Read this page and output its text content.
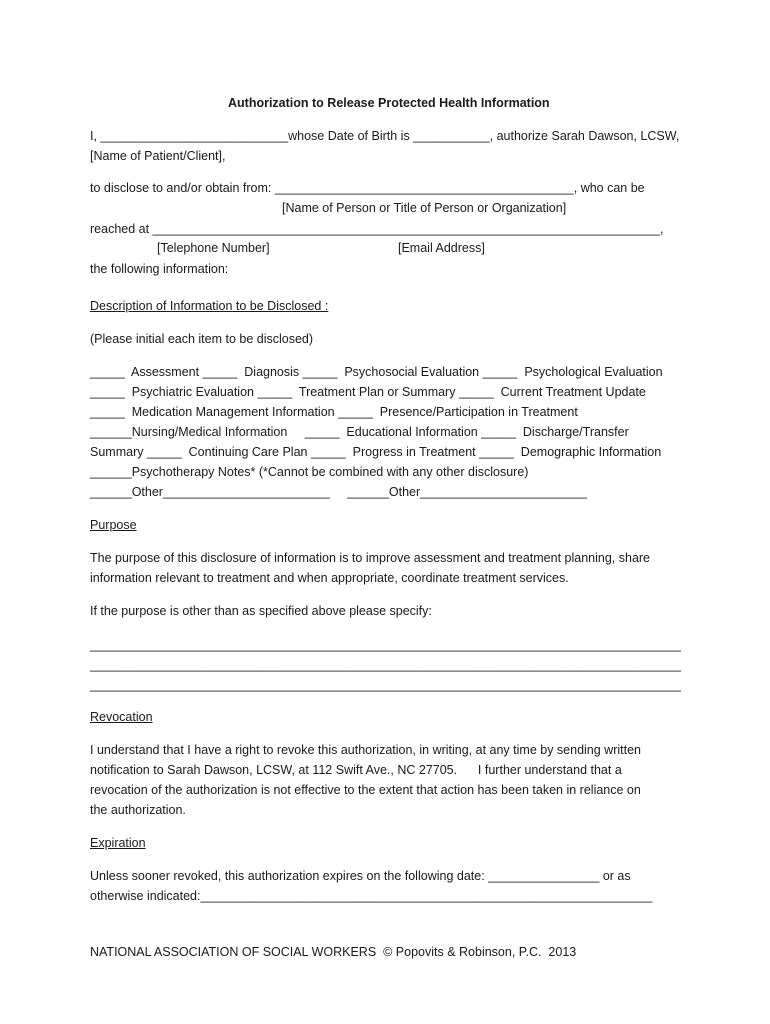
Authorization to Release Protected Health Information
I, ___________________________whose Date of Birth is ___________, authorize Sarah Dawson, LCSW,
[Name of Patient/Client],
to disclose to and/or obtain from: ___________________________________________, who can be
[Name of Person or Title of Person or Organization]
reached at _________________________________________________________________________,
[Telephone Number]	[Email Address]
the following information:
Description of Information to be Disclosed :
(Please initial each item to be disclosed)
_____  Assessment _____  Diagnosis _____  Psychosocial Evaluation _____  Psychological Evaluation
_____  Psychiatric Evaluation _____  Treatment Plan or Summary _____  Current Treatment Update
_____  Medication Management Information _____  Presence/Participation in Treatment
______Nursing/Medical Information     _____  Educational Information _____  Discharge/Transfer
Summary _____  Continuing Care Plan _____  Progress in Treatment _____  Demographic Information
______Psychotherapy Notes* (*Cannot be combined with any other disclosure)
______Other________________________     ______Other________________________
Purpose
The purpose of this disclosure of information is to improve assessment and treatment planning, share
information relevant to treatment and when appropriate, coordinate treatment services.
If the purpose is other than as specified above please specify:
_____________________________________________________________________________________
_____________________________________________________________________________________
_____________________________________________________________________________________
Revocation
I understand that I have a right to revoke this authorization, in writing, at any time by sending written
notification to Sarah Dawson, LCSW, at 112 Swift Ave., NC 27705.      I further understand that a
revocation of the authorization is not effective to the extent that action has been taken in reliance on
the authorization.
Expiration
Unless sooner revoked, this authorization expires on the following date: ________________ or as
otherwise indicated:_________________________________________________________________
NATIONAL ASSOCIATION OF SOCIAL WORKERS  © Popovits & Robinson, P.C.  2013
